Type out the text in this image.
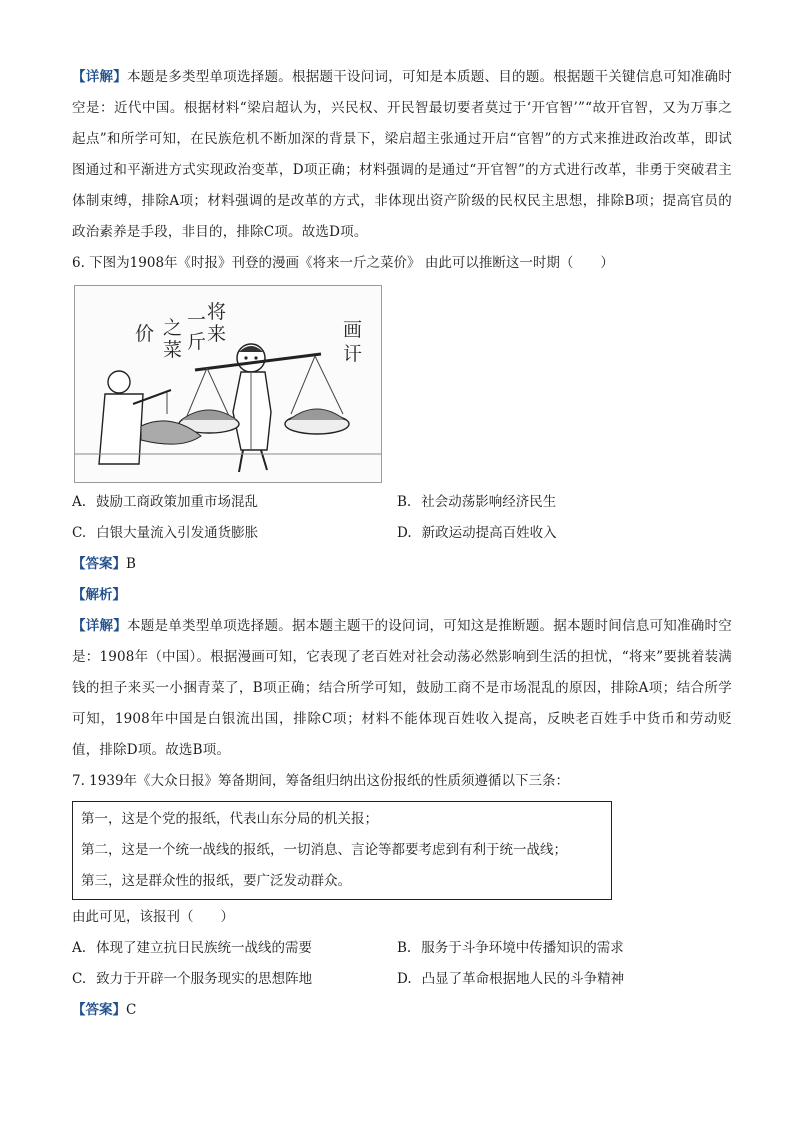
【详解】本题是多类型单项选择题。根据题干设问词，可知是本质题、目的题。根据题干关键信息可知准确时空是：近代中国。根据材料“梁启超认为，兴民权、开民智最切要者莫过于‘开官智’”“故开官智，又为万事之起点”和所学可知，在民族危机不断加深的背景下，梁启超主张通过开启“官智”的方式来推进政治改革，即试图通过和平渐进方式实现政治变革，D项正确；材料强调的是通过“开官智”的方式进行改革，非勇于突破君主体制束缚，排除A项；材料强调的是改革的方式，非体现出资产阶级的民权民主思想，排除B项；提高官员的政治素养是手段，非目的，排除C项。故选D项。
6. 下图为1908年《时报》刊登的漫画《将来一斤之菜价》 由此可以推断这一时期（　　）
将
来
一
斤
之
菜
价	画
讦
A. 鼓励工商政策加重市场混乱	B. 社会动荡影响经济民生
C. 白银大量流入引发通货膨胀	D. 新政运动提高百姓收入
【答案】B
【解析】
【详解】本题是单类型单项选择题。据本题主题干的设问词，可知这是推断题。据本题时间信息可知准确时空是：1908年（中国）。根据漫画可知，它表现了老百姓对社会动荡必然影响到生活的担忧，“将来”要挑着装满钱的担子来买一小捆青菜了，B项正确；结合所学可知，鼓励工商不是市场混乱的原因，排除A项；结合所学可知，1908年中国是白银流出国，排除C项；材料不能体现百姓收入提高，反映老百姓手中货币和劳动贬值，排除D项。故选B项。
7. 1939年《大众日报》筹备期间，筹备组归纳出这份报纸的性质须遵循以下三条：
第一，这是个党的报纸，代表山东分局的机关报；
第二，这是一个统一战线的报纸，一切消息、言论等都要考虑到有利于统一战线；
第三，这是群众性的报纸，要广泛发动群众。
由此可见，该报刊（　　）
A. 体现了建立抗日民族统一战线的需要	B. 服务于斗争环境中传播知识的需求
C. 致力于开辟一个服务现实的思想阵地	D. 凸显了革命根据地人民的斗争精神
【答案】C
